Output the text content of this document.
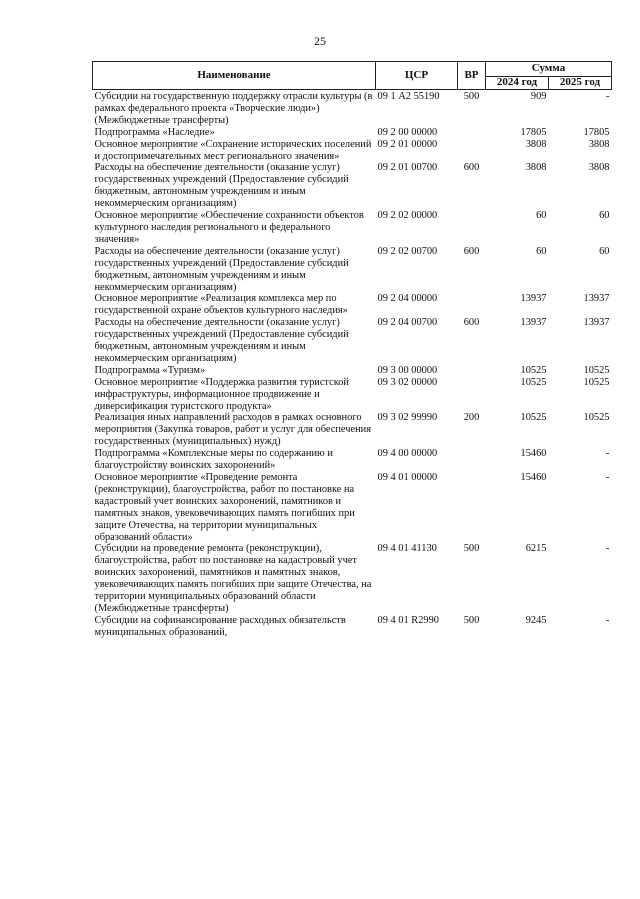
25
Наименование	ЦСР	ВР	Сумма	
			2024 год	2025 год
Субсидии на государственную поддержку отрасли культуры (в рамках федерального проекта «Творческие люди») (Межбюджетные трансферты)	09 1 А2 55190	500	909	-
Подпрограмма «Наследие»	09 2 00 00000		17805	17805
Основное мероприятие «Сохранение исторических поселений и достопримечательных мест регионального значения»	09 2 01 00000		3808	3808
Расходы на обеспечение деятельности (оказание услуг) государственных учреждений (Предоставление субсидий бюджетным, автономным учреждениям и иным некоммерческим организациям)	09 2 01 00700	600	3808	3808
Основное мероприятие «Обеспечение сохранности объектов культурного наследия регионального и федерального значения»	09 2 02 00000		60	60
Расходы на обеспечение деятельности (оказание услуг) государственных учреждений (Предоставление субсидий бюджетным, автономным учреждениям и иным некоммерческим организациям)	09 2 02 00700	600	60	60
Основное мероприятие «Реализация комплекса мер по государственной охране объектов культурного наследия»	09 2 04 00000		13937	13937
Расходы на обеспечение деятельности (оказание услуг) государственных учреждений (Предоставление субсидий бюджетным, автономным учреждениям и иным некоммерческим организациям)	09 2 04 00700	600	13937	13937
Подпрограмма «Туризм»	09 3 00 00000		10525	10525
Основное мероприятие «Поддержка развития туристской инфраструктуры, информационное продвижение и диверсификация туристского продукта»	09 3 02 00000		10525	10525
Реализация иных направлений расходов в рамках основного мероприятия (Закупка товаров, работ и услуг для обеспечения государственных (муниципальных) нужд)	09 3 02 99990	200	10525	10525
Подпрограмма «Комплексные меры по содержанию и благоустройству воинских захоронений»	09 4 00 00000		15460	-
Основное мероприятие «Проведение ремонта (реконструкции), благоустройства, работ по постановке на кадастровый учет воинских захоронений, памятников и памятных знаков, увековечивающих память погибших при защите Отечества, на территории муниципальных образований области»	09 4 01 00000		15460	-
Субсидии на проведение ремонта (реконструкции), благоустройства, работ по постановке на кадастровый учет воинских захоронений, памятников и памятных знаков, увековечивающих память погибших при защите Отечества, на территории муниципальных образований области (Межбюджетные трансферты)	09 4 01 41130	500	6215	-
Субсидии на софинансирование расходных обязательств муниципальных образований,	09 4 01 R2990	500	9245	-
